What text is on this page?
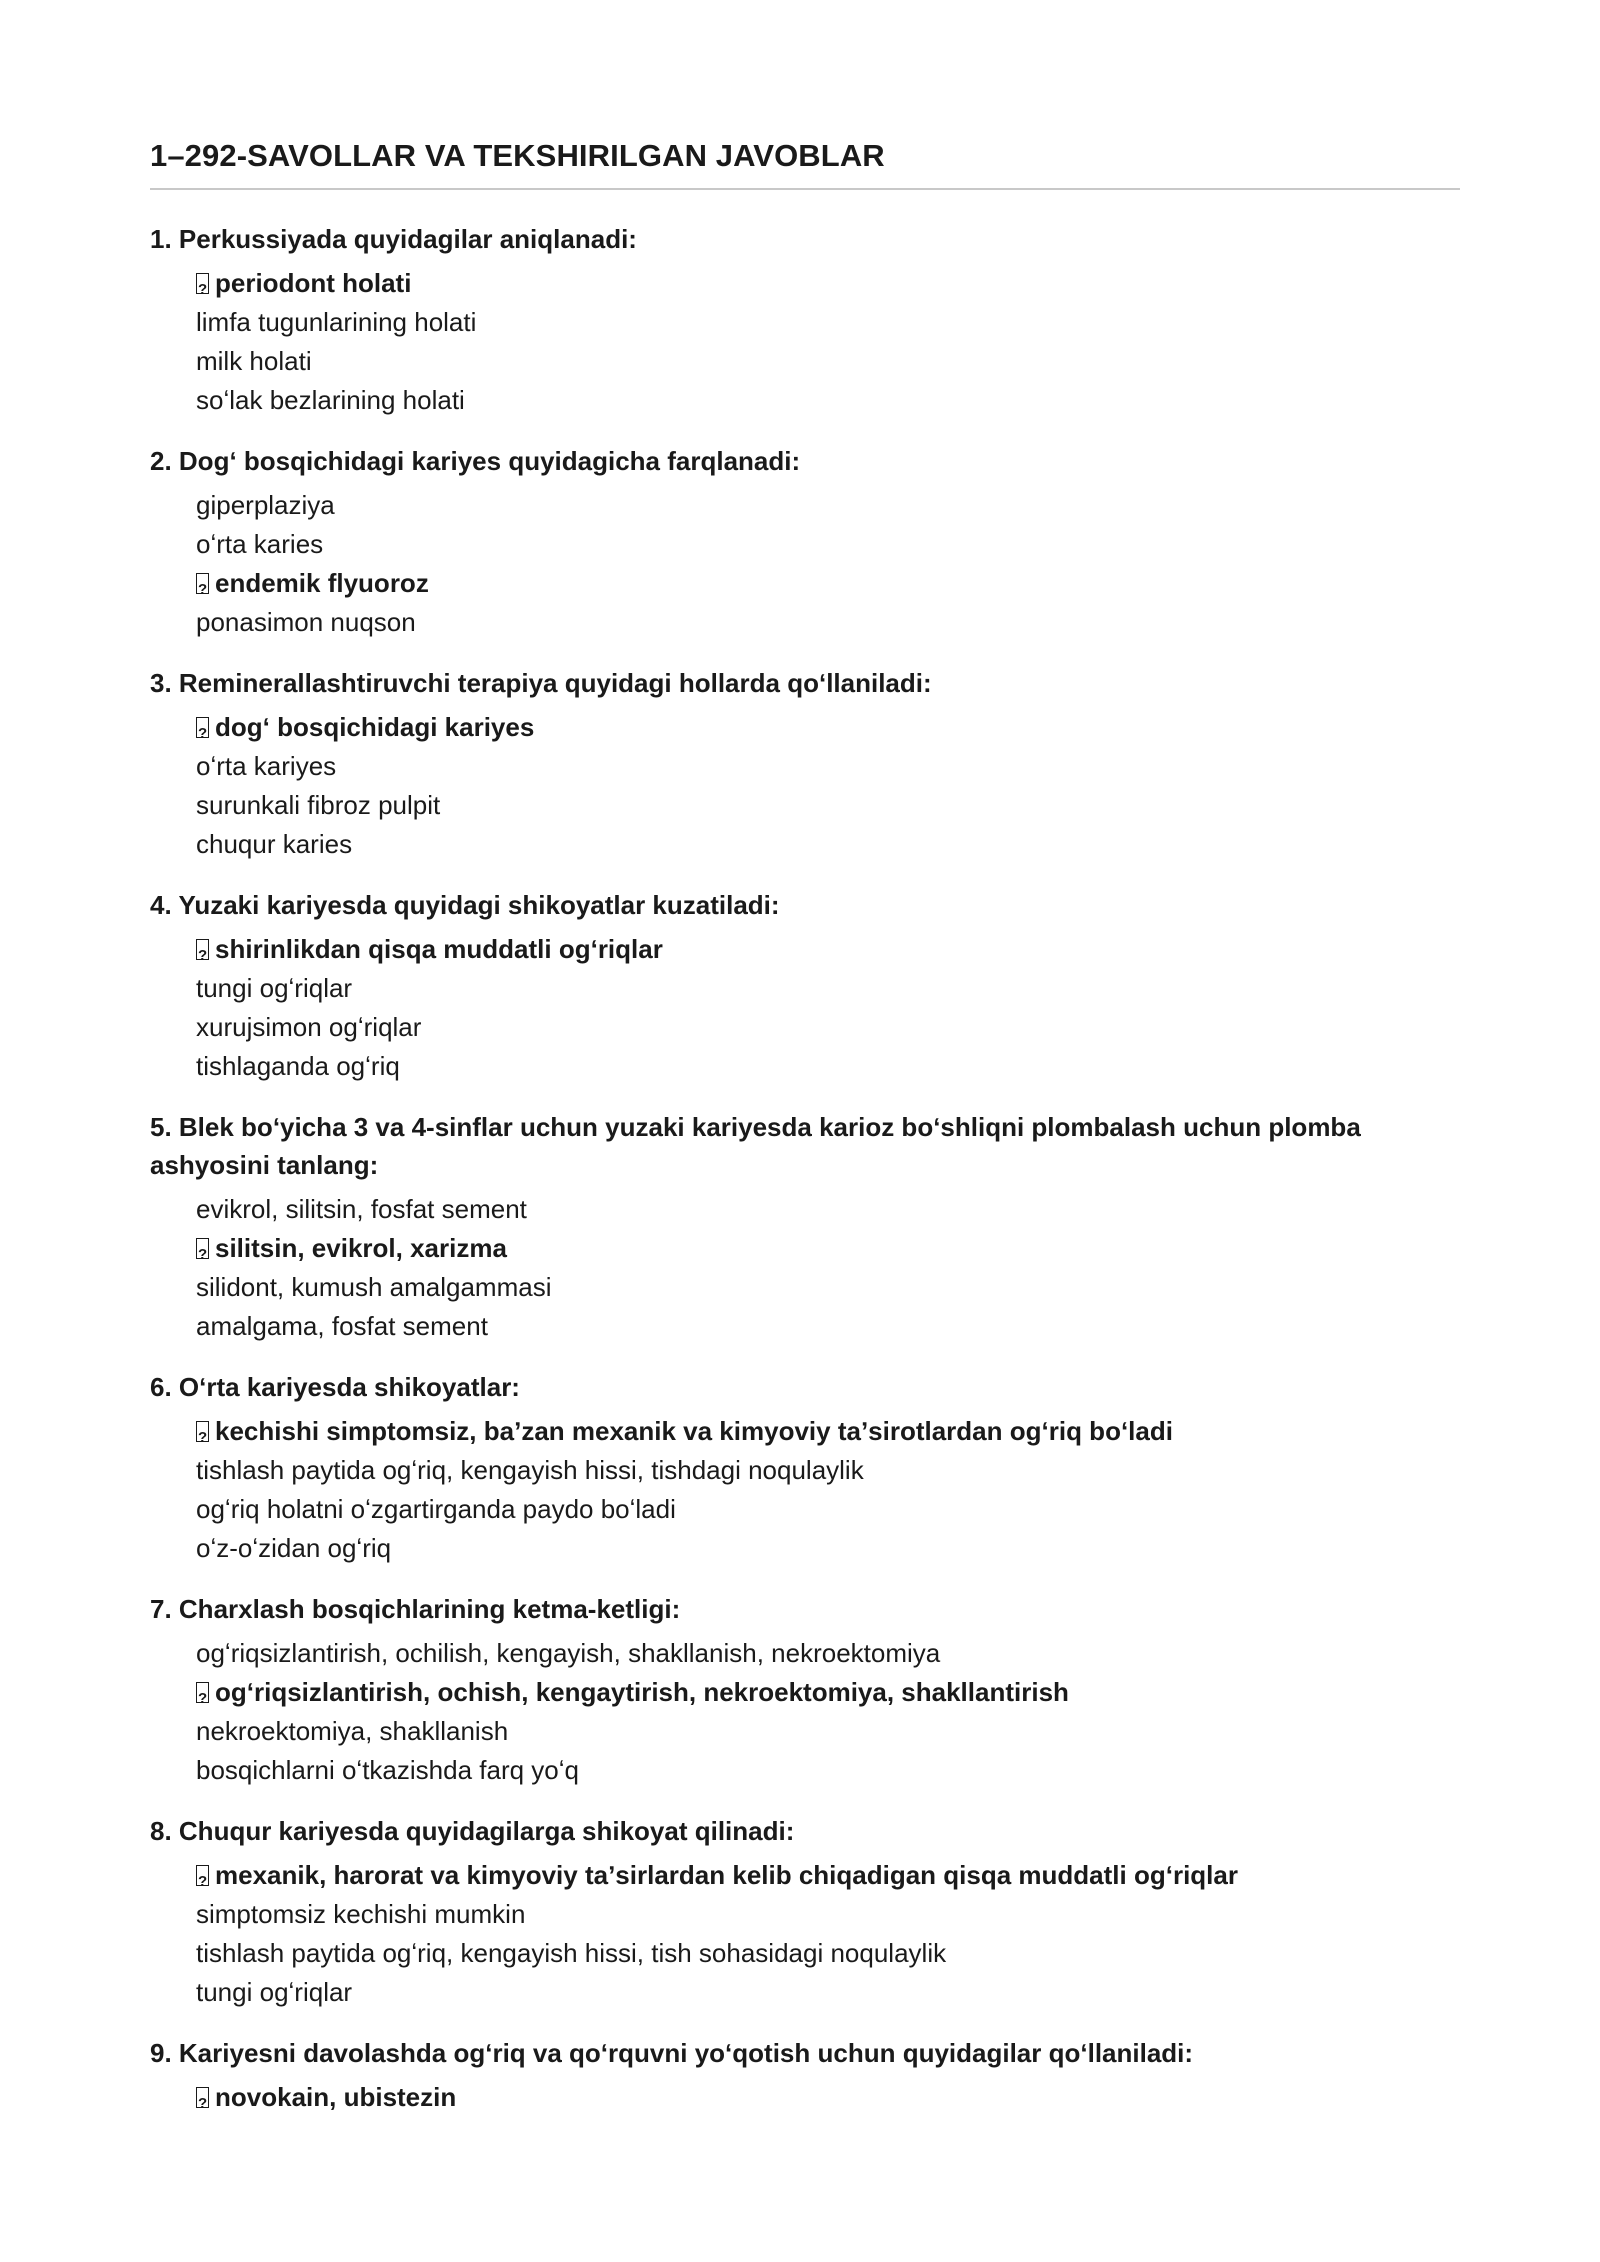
1–292-SAVOLLAR VA TEKSHIRILGAN JAVOBLAR

1. Perkussiyada quyidagilar aniqlanadi:

?periodont holati
limfa tugunlarining holati
milk holati
soʻlak bezlarining holati

2. Dogʻ bosqichidagi kariyes quyidagicha farqlanadi:

giperplaziya
oʻrta karies
?endemik flyuoroz
ponasimon nuqson

3. Reminerallashtiruvchi terapiya quyidagi hollarda qoʻllaniladi:

?dogʻ bosqichidagi kariyes
oʻrta kariyes
surunkali fibroz pulpit
chuqur karies

4. Yuzaki kariyesda quyidagi shikoyatlar kuzatiladi:

?shirinlikdan qisqa muddatli ogʻriqlar
tungi ogʻriqlar
xurujsimon ogʻriqlar
tishlaganda ogʻriq

5. Blek boʻyicha 3 va 4-sinflar uchun yuzaki kariyesda karioz boʻshliqni plombalash uchun plomba ashyosini tanlang:

evikrol, silitsin, fosfat sement
?silitsin, evikrol, xarizma
silidont, kumush amalgammasi
amalgama, fosfat sement

6. Oʻrta kariyesda shikoyatlar:

?kechishi simptomsiz, baʼzan mexanik va kimyoviy taʼsirotlardan ogʻriq boʻladi
tishlash paytida ogʻriq, kengayish hissi, tishdagi noqulaylik
ogʻriq holatni oʻzgartirganda paydo boʻladi
oʻz-oʻzidan ogʻriq

7. Charxlash bosqichlarining ketma-ketligi:

ogʻriqsizlantirish, ochilish, kengayish, shakllanish, nekroektomiya
?ogʻriqsizlantirish, ochish, kengaytirish, nekroektomiya, shakllantirish
nekroektomiya, shakllanish
bosqichlarni oʻtkazishda farq yoʻq

8. Chuqur kariyesda quyidagilarga shikoyat qilinadi:

?mexanik, harorat va kimyoviy taʼsirlardan kelib chiqadigan qisqa muddatli ogʻriqlar
simptomsiz kechishi mumkin
tishlash paytida ogʻriq, kengayish hissi, tish sohasidagi noqulaylik
tungi ogʻriqlar

9. Kariyesni davolashda ogʻriq va qoʻrquvni yoʻqotish uchun quyidagilar qoʻllaniladi:

?novokain, ubistezin
